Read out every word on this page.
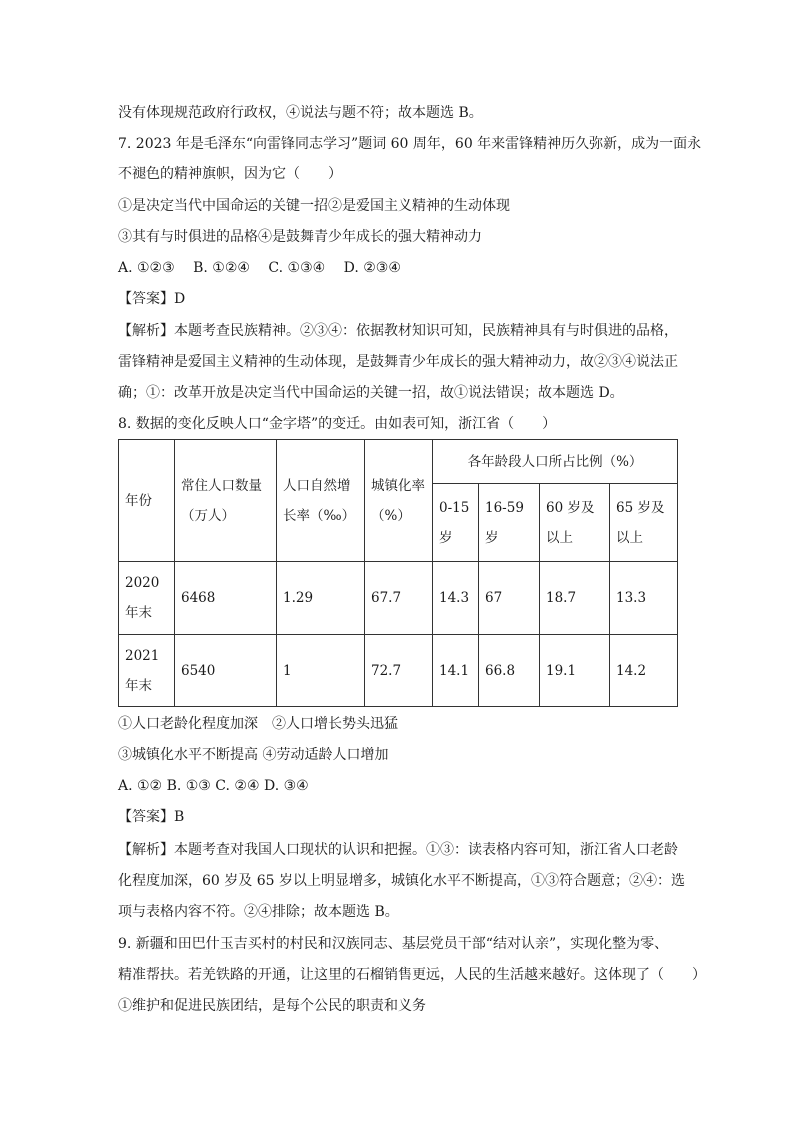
没有体现规范政府行政权，④说法与题不符；故本题选 B。

7. 2023 年是毛泽东“向雷锋同志学习”题词 60 周年，60 年来雷锋精神历久弥新，成为一面永

不褪色的精神旗帜，因为它（　　）

①是决定当代中国命运的关键一招②是爱国主义精神的生动体现

③其有与时俱进的品格④是鼓舞青少年成长的强大精神动力

A. ①②③　 B. ①②④　 C. ①③④　 D. ②③④

【答案】D

【解析】本题考查民族精神。②③④：依据教材知识可知，民族精神具有与时俱进的品格，

雷锋精神是爱国主义精神的生动体现，是鼓舞青少年成长的强大精神动力，故②③④说法正

确；①：改革开放是决定当代中国命运的关键一招，故①说法错误；故本题选 D。

8. 数据的变化反映人口“金字塔”的变迁。由如表可知，浙江省（　　）

年份	常住人口数量（万人）	人口自然增长率（‰）	城镇化率（%）	各年龄段人口所占比例（%）			
				0-15 岁	16-59 岁	60 岁及以上	65 岁及以上
2020 年末	6468	1.29	67.7	14.3	67	18.7	13.3
2021 年末	6540	1	72.7	14.1	66.8	19.1	14.2

①人口老龄化程度加深　②人口增长势头迅猛

③城镇化水平不断提高 ④劳动适龄人口增加

A. ①② B. ①③ C. ②④ D. ③④

【答案】B

【解析】本题考查对我国人口现状的认识和把握。①③：读表格内容可知，浙江省人口老龄

化程度加深，60 岁及 65 岁以上明显增多，城镇化水平不断提高，①③符合题意；②④：选

项与表格内容不符。②④排除；故本题选 B。

9. 新疆和田巴什玉吉买村的村民和汉族同志、基层党员干部“结对认亲”，实现化整为零、

精准帮扶。若羌铁路的开通，让这里的石榴销售更远，人民的生活越来越好。这体现了（　　）

①维护和促进民族团结，是每个公民的职责和义务
